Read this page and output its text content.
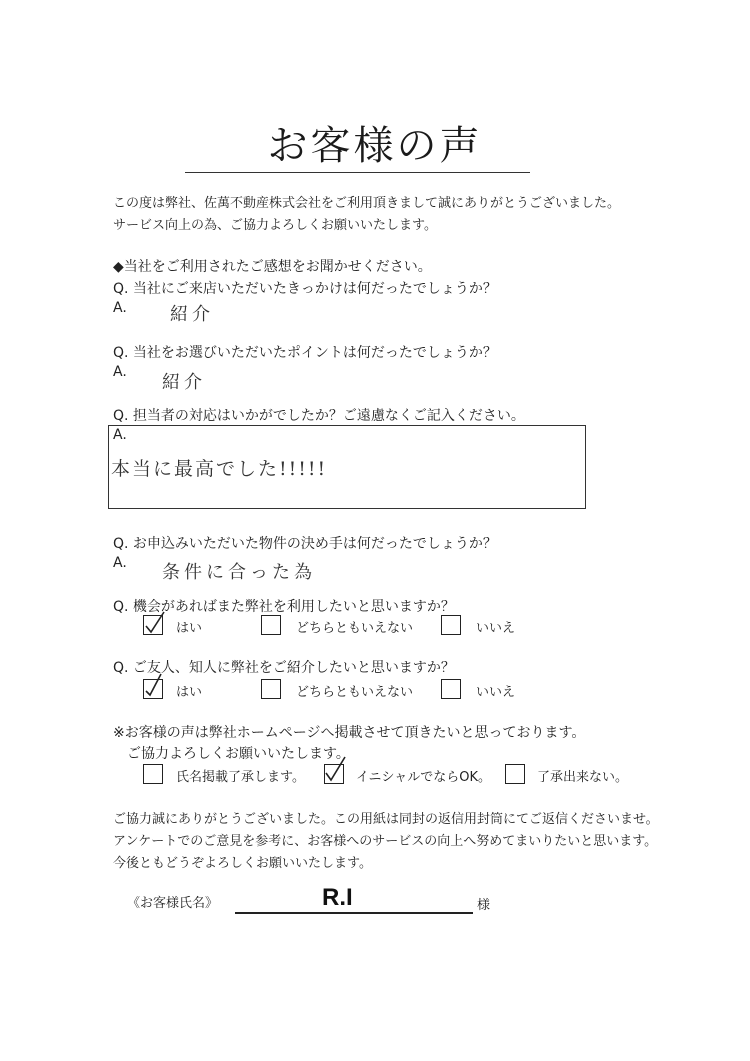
お客様の声
この度は弊社、佐萬不動産株式会社をご利用頂きまして誠にありがとうございました。
サービス向上の為、ご協力よろしくお願いいたします。
◆当社をご利用されたご感想をお聞かせください。
Q. 当社にご来店いただいたきっかけは何だったでしょうか？
A. 紹介
Q. 当社をお選びいただいたポイントは何だったでしょうか？
A. 紹介
Q. 担当者の対応はいかがでしたか？ご遠慮なくご記入ください。
A.
本当に最高でした!!!!!
Q. お申込みいただいた物件の決め手は何だったでしょうか？
A. 条件に合った為
Q. 機会があればまた弊社を利用したいと思いますか？
はい	どちらともいえない	いいえ
Q. ご友人、知人に弊社をご紹介したいと思いますか？
はい	どちらともいえない	いいえ
※お客様の声は弊社ホームページへ掲載させて頂きたいと思っております。
ご協力よろしくお願いいたします。
氏名掲載了承します。	イニシャルでならOK。	了承出来ない。
ご協力誠にありがとうございました。この用紙は同封の返信用封筒にてご返信くださいませ。
アンケートでのご意見を参考に、お客様へのサービスの向上へ努めてまいりたいと思います。
今後ともどうぞよろしくお願いいたします。
《お客様氏名》	R.I	様
